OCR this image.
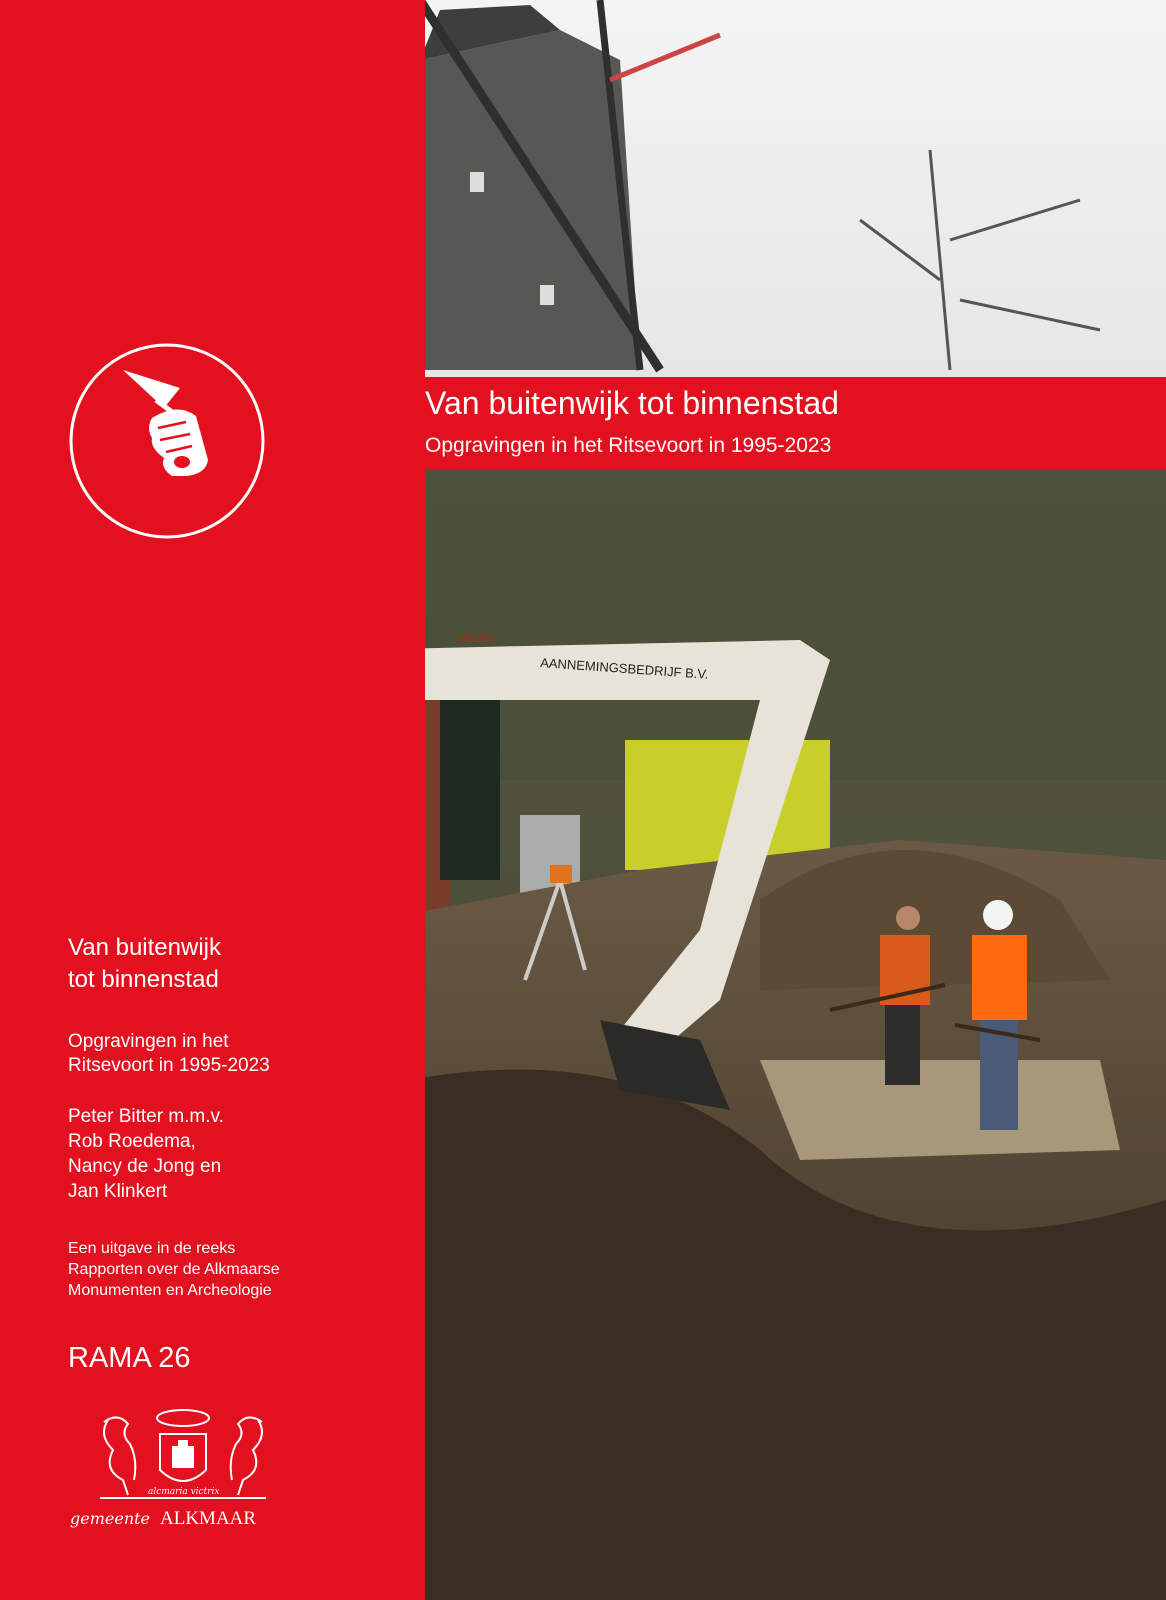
BA.RU
AANNEMINGSBEDRIJF B.V.
Van buitenwijk tot binnenstad
Opgravingen in het Ritsevoort in 1995-2023
Van buitenwijk
tot binnenstad
Opgravingen in het
Ritsevoort in 1995-2023
Peter Bitter m.m.v.
Rob Roedema,
Nancy de Jong en
Jan Klinkert
Een uitgave in de reeks
Rapporten over de Alkmaarse
Monumenten en Archeologie
RAMA 26
alcmaria victrix
gemeente ALKMAAR
